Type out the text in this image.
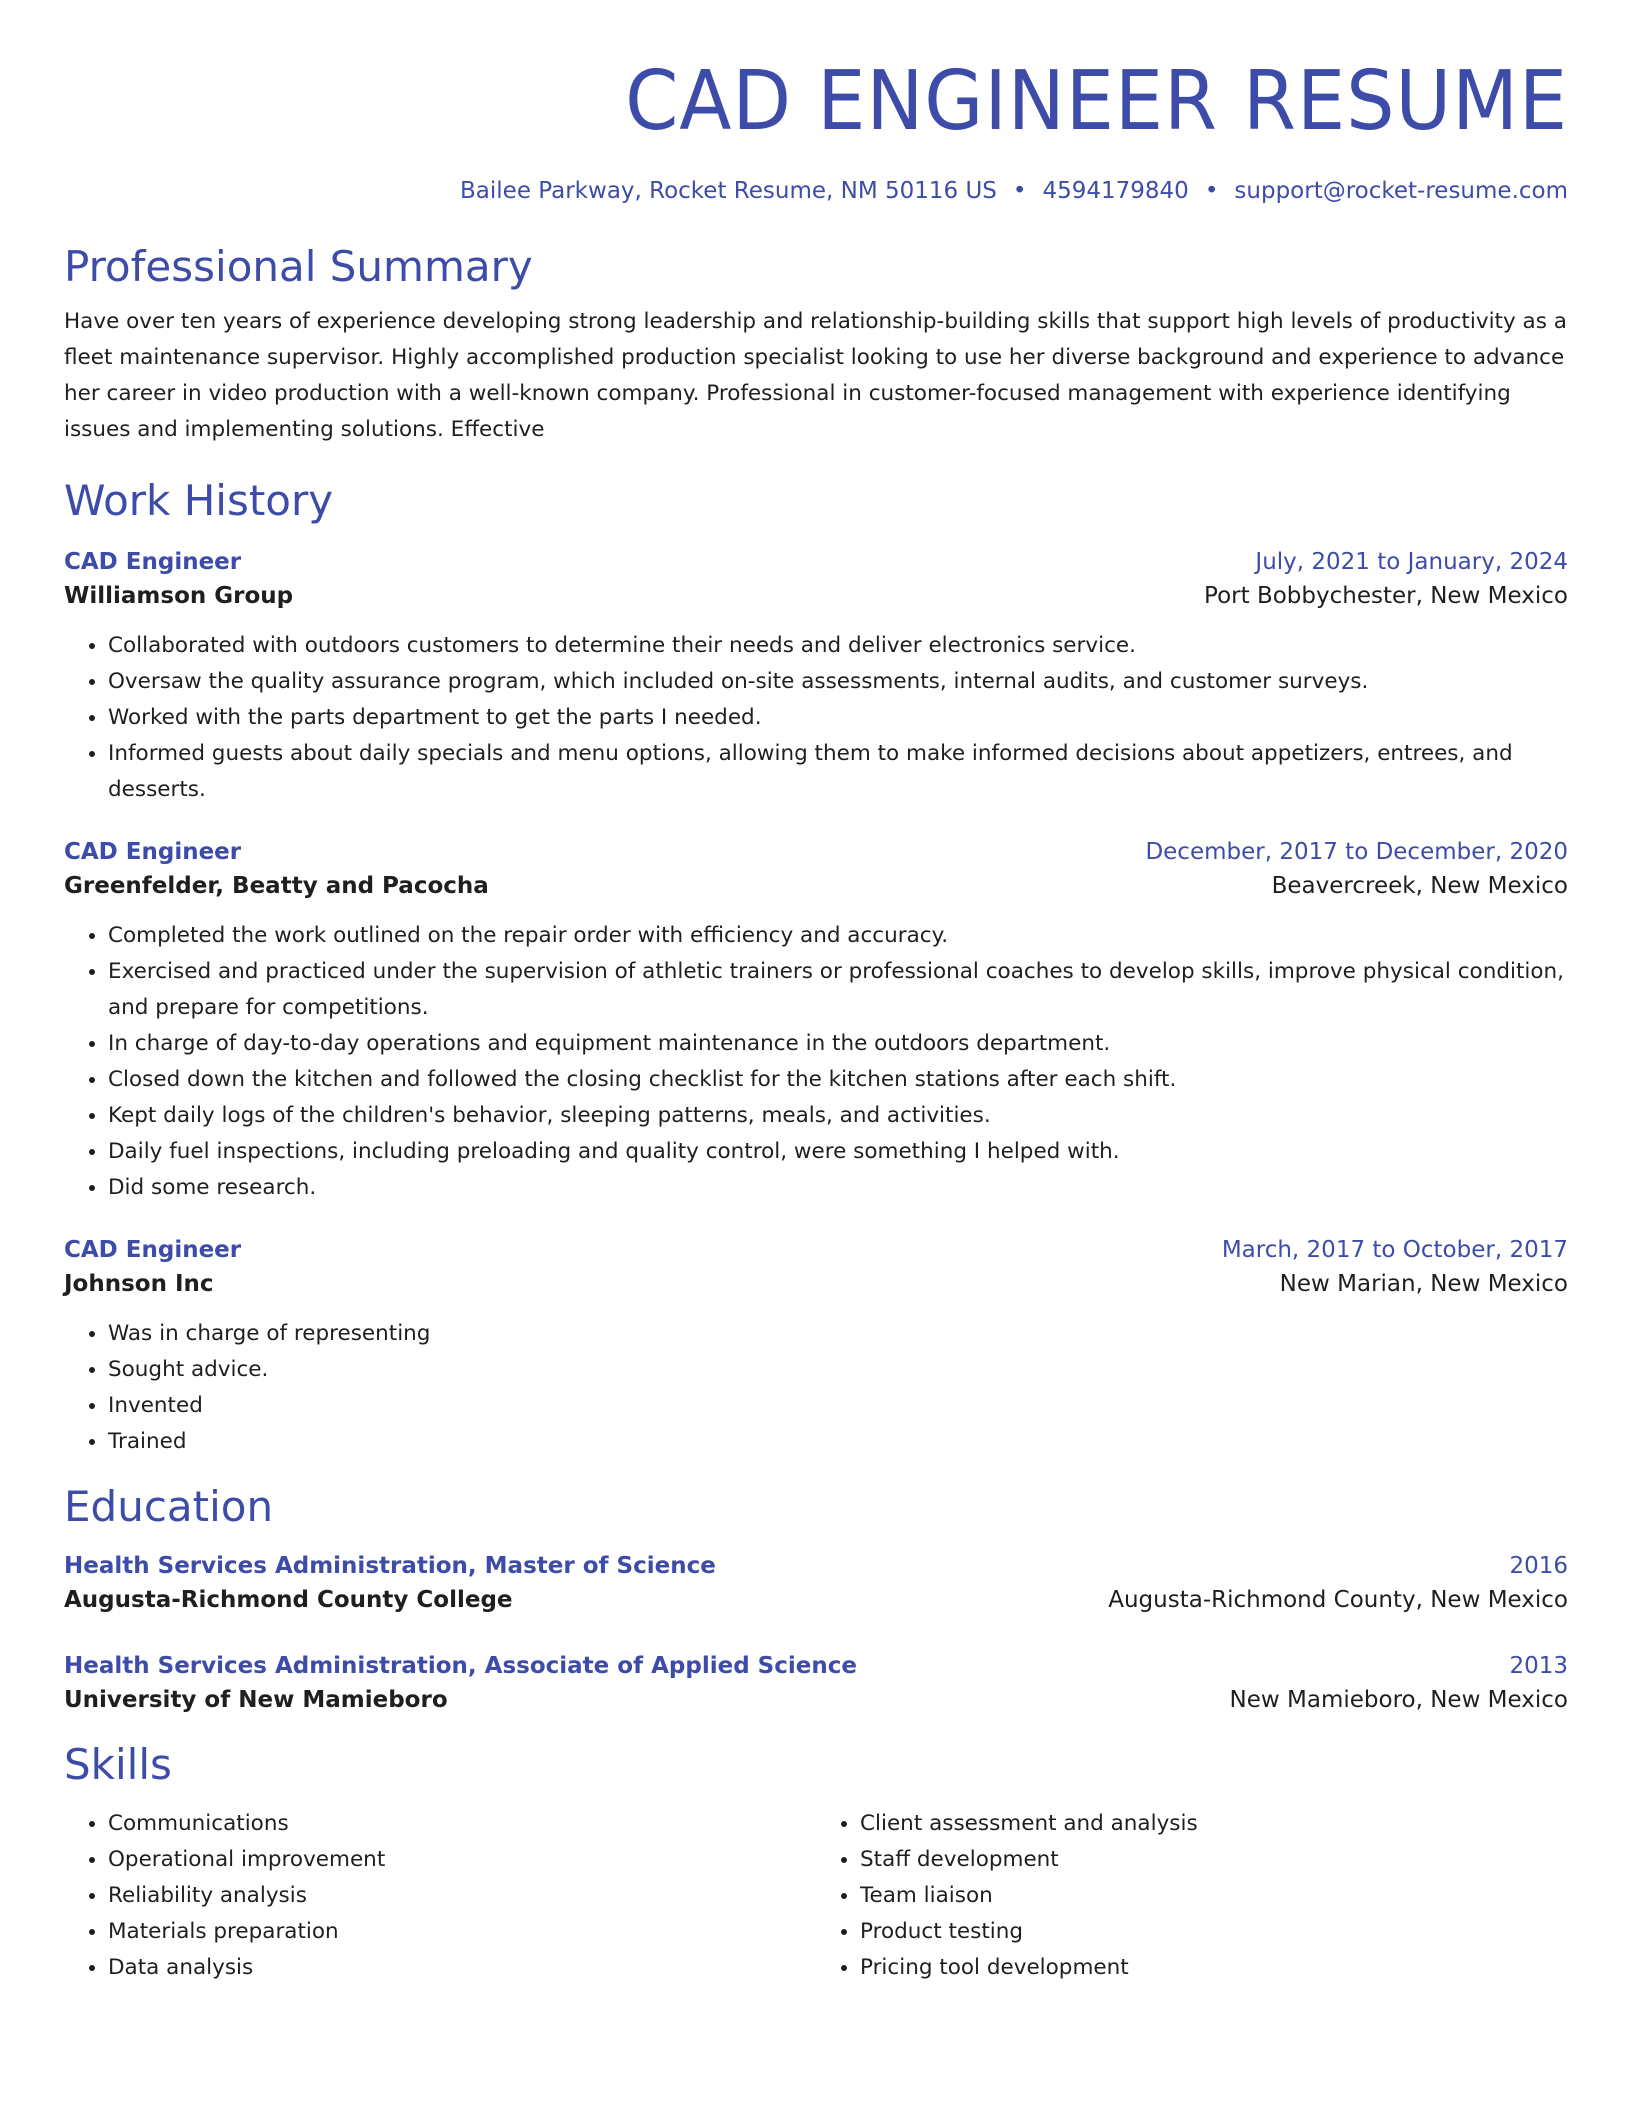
CAD ENGINEER RESUME
Bailee Parkway, Rocket Resume, NM 50116 US • 4594179840 • support@rocket-resume.com
Professional Summary
Have over ten years of experience developing strong leadership and relationship-building skills that support high levels of productivity as a fleet maintenance supervisor. Highly accomplished production specialist looking to use her diverse background and experience to advance her career in video production with a well-known company. Professional in customer-focused management with experience identifying issues and implementing solutions. Effective
Work History
CAD Engineer	July, 2021 to January, 2024
Williamson Group	Port Bobbychester, New Mexico
• Collaborated with outdoors customers to determine their needs and deliver electronics service.
• Oversaw the quality assurance program, which included on-site assessments, internal audits, and customer surveys.
• Worked with the parts department to get the parts I needed.
• Informed guests about daily specials and menu options, allowing them to make informed decisions about appetizers, entrees, and desserts.
CAD Engineer	December, 2017 to December, 2020
Greenfelder, Beatty and Pacocha	Beavercreek, New Mexico
• Completed the work outlined on the repair order with efficiency and accuracy.
• Exercised and practiced under the supervision of athletic trainers or professional coaches to develop skills, improve physical condition, and prepare for competitions.
• In charge of day-to-day operations and equipment maintenance in the outdoors department.
• Closed down the kitchen and followed the closing checklist for the kitchen stations after each shift.
• Kept daily logs of the children's behavior, sleeping patterns, meals, and activities.
• Daily fuel inspections, including preloading and quality control, were something I helped with.
• Did some research.
CAD Engineer	March, 2017 to October, 2017
Johnson Inc	New Marian, New Mexico
• Was in charge of representing
• Sought advice.
• Invented
• Trained
Education
Health Services Administration, Master of Science	2016
Augusta-Richmond County College	Augusta-Richmond County, New Mexico
Health Services Administration, Associate of Applied Science	2013
University of New Mamieboro	New Mamieboro, New Mexico
Skills
• Communications
• Operational improvement
• Reliability analysis
• Materials preparation
• Data analysis
• Client assessment and analysis
• Staff development
• Team liaison
• Product testing
• Pricing tool development
